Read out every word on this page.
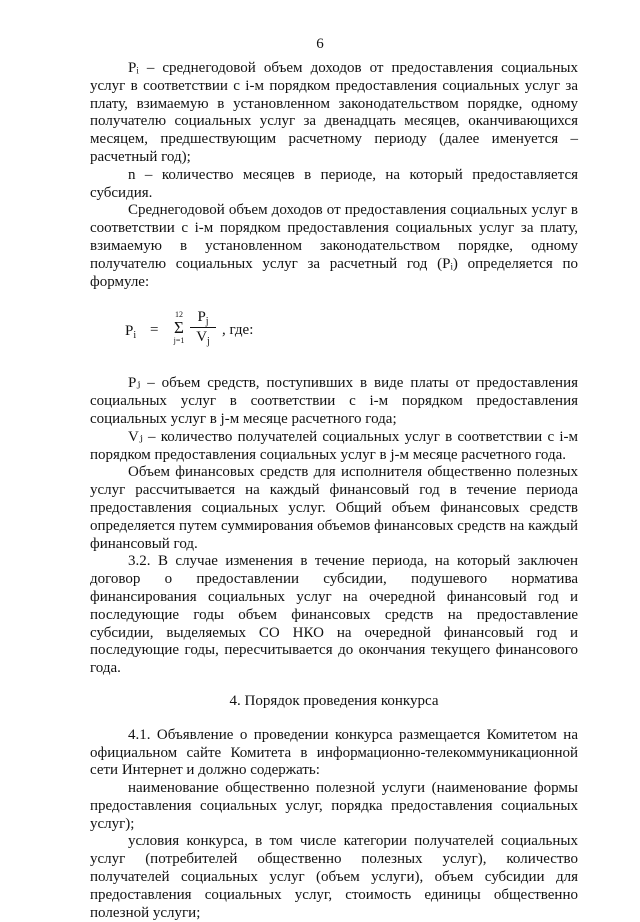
6

Pᵢ – среднегодовой объем доходов от предоставления социальных услуг в соответствии с i-м порядком предоставления социальных услуг за плату, взимаемую в установленном законодательством порядке, одному получателю социальных услуг за двенадцать месяцев, оканчивающихся месяцем, предшествующим расчетному периоду (далее именуется – расчетный год);

n – количество месяцев в периоде, на который предоставляется субсидия.

Среднегодовой объем доходов от предоставления социальных услуг в соответствии с i-м порядком предоставления социальных услуг за плату, взимаемую в установленном законодательством порядке, одному получателю социальных услуг за расчетный год (Pᵢ) определяется по формуле:

$P_i$ =
12
Σ
j=1
$P_j$
$V_j$
, где:

Pⱼ – объем средств, поступивших в виде платы от предоставления социальных услуг в соответствии с i-м порядком предоставления социальных услуг в j-м месяце расчетного года;

Vⱼ – количество получателей социальных услуг в соответствии с i-м порядком предоставления социальных услуг в j-м месяце расчетного года.

Объем финансовых средств для исполнителя общественно полезных услуг рассчитывается на каждый финансовый год в течение периода предоставления социальных услуг. Общий объем финансовых средств определяется путем суммирования объемов финансовых средств на каждый финансовый год.

3.2. В случае изменения в течение периода, на который заключен договор о предоставлении субсидии, подушевого норматива финансирования социальных услуг на очередной финансовый год и последующие годы объем финансовых средств на предоставление субсидии, выделяемых СО НКО на очередной финансовый год и последующие годы, пересчитывается до окончания текущего финансового года.

4. Порядок проведения конкурса

4.1. Объявление о проведении конкурса размещается Комитетом на официальном сайте Комитета в информационно-телекоммуникационной сети Интернет и должно содержать:

наименование общественно полезной услуги (наименование формы предоставления социальных услуг, порядка предоставления социальных услуг);

условия конкурса, в том числе категории получателей социальных услуг (потребителей общественно полезных услуг), количество получателей социальных услуг (объем услуги), объем субсидии для предоставления социальных услуг, стоимость единицы общественно полезной услуги;
